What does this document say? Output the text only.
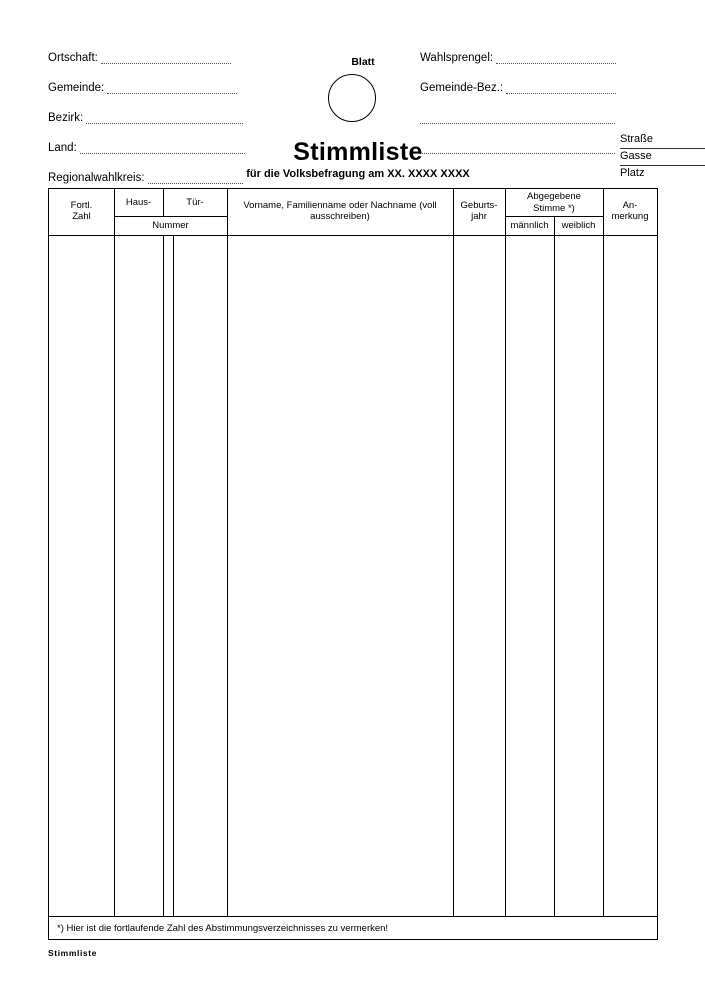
Ortschaft:
Gemeinde:
Bezirk:
Land:
Regionalwahlkreis:
Wahlsprengel:
Gemeinde-Bez.:
Blatt
Stimmliste
für die Volksbefragung am XX. XXXX XXXX
Straße
Gasse
Platz
Fortl.
Zahl
Haus-	Tür-
Nummer
Vorname, Familienname oder Nachname (voll ausschreiben)
Geburts-
jahr
Abgegebene
Stimme *)
männlich	weiblich
An-
merkung
*) Hier ist die fortlaufende Zahl des Abstimmungsverzeichnisses zu vermerken!
Stimmliste
